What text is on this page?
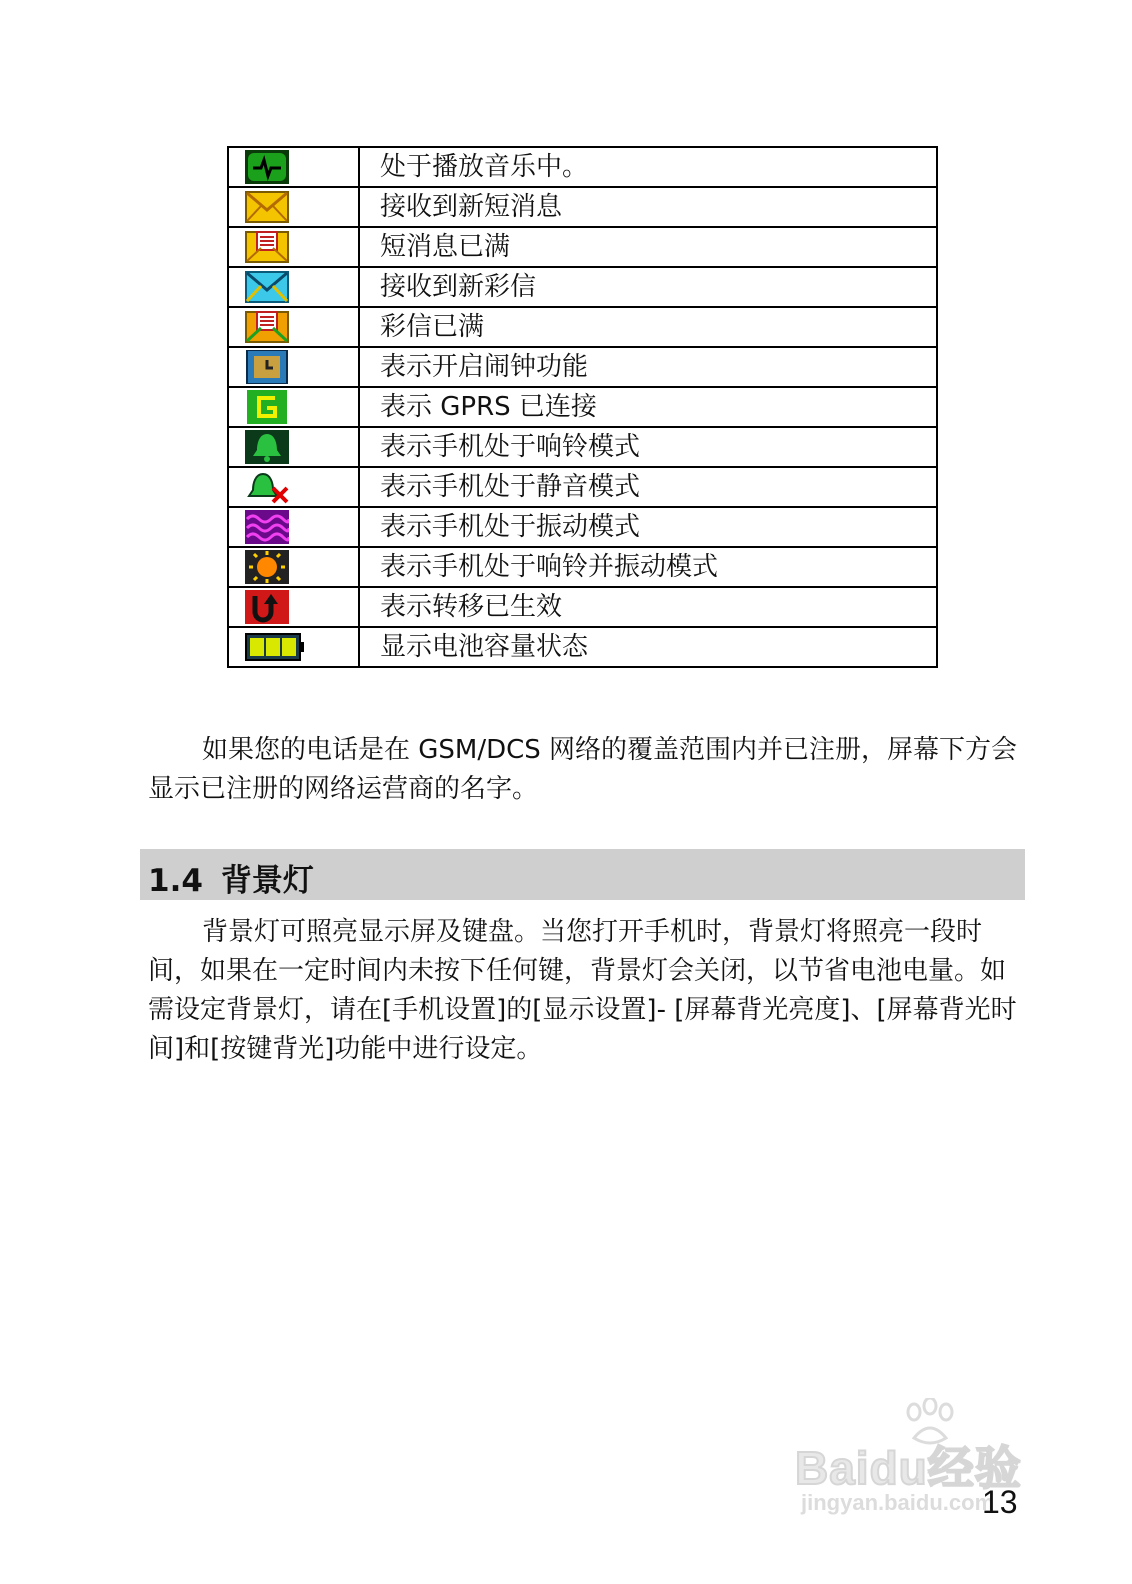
	处于播放音乐中。

	接收到新短消息

	短消息已满

	接收到新彩信

	彩信已满

	表示开启闹钟功能

	表示 GPRS 已连接

	表示手机处于响铃模式

	表示手机处于静音模式

	表示手机处于振动模式

	表示手机处于响铃并振动模式

	表示转移已生效

	显示电池容量状态

如果您的电话是在 GSM/DCS 网络的覆盖范围内并已注册，屏幕下方会显示已注册的网络运营商的名字。

1.4 背景灯

背景灯可照亮显示屏及键盘。当您打开手机时，背景灯将照亮一段时间，如果在一定时间内未按下任何键，背景灯会关闭，以节省电池电量。如需设定背景灯，请在[手机设置]的[显示设置]- [屏幕背光亮度]、[屏幕背光时间]和[按键背光]功能中进行设定。

Baidu经验
jingyan.baidu.com
13
